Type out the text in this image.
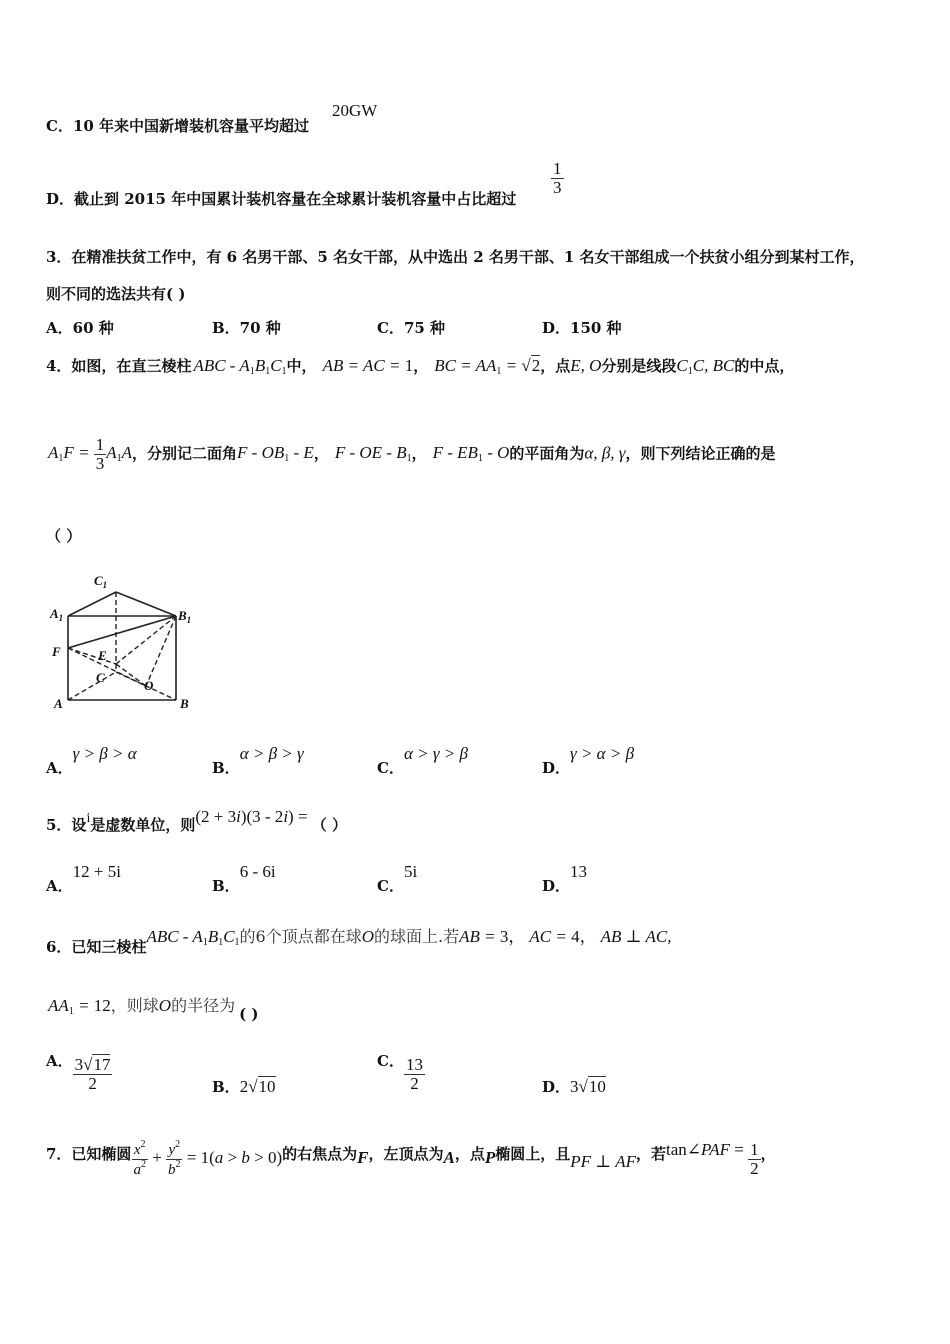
C．10 年来中国新增装机容量平均超过
20GW
D．截止到 2015 年中国累计装机容量在全球累计装机容量中占比超过
$\frac{1}{3}$
3．在精准扶贫工作中，有 6 名男干部、5 名女干部，从中选出 2 名男干部、1 名女干部组成一个扶贫小组分到某村工作，
则不同的选法共有( )
A．60 种	B．70 种	C．75 种	D．150 种
4．如图，在直三棱柱 ABC - $A_1B_1C_1$中， AB = AC = 1， BC = $AA_1 = √2$，点E, O分别是线段$C_1C$, BC的中点，
$A_1F = \frac{1}{3} A_1A$，分别记二面角F - $OB_1$ - E， F - OE - $B_1$， F - $EB_1$ - O的平面角为α, β, γ，则下列结论正确的是
（ ）
$C_1$
$A_1$	$B_1$
F	E
C
O
A	B
A．γ > β > α
B．α > β > γ
C．α > γ > β
D．γ > α > β
5．设i是虚数单位，则(2 + 3i)(3 - 2i) = （ ）
A．12 + 5i
B．6 - 6i
C．5i
D．13
6．已知三棱柱ABC - $A_1B_1C_1$的6个顶点都在球O的球面上.若AB = 3， AC = 4， AB ⊥ AC,
$AA_1 = 12$，则球O的半径为 ( )
A． $\frac{3√17}{2}$	B．2√10
C． $\frac{13}{2}$	D．3√10
7．已知椭圆 $\frac{x^2}{a^2} + \frac{y^2}{b^2} = 1(a > b > 0)$的右焦点为F，左顶点为A，点P椭圆上，且PF ⊥ AF，若tan∠PAF = $\frac{1}{2}$ ，
